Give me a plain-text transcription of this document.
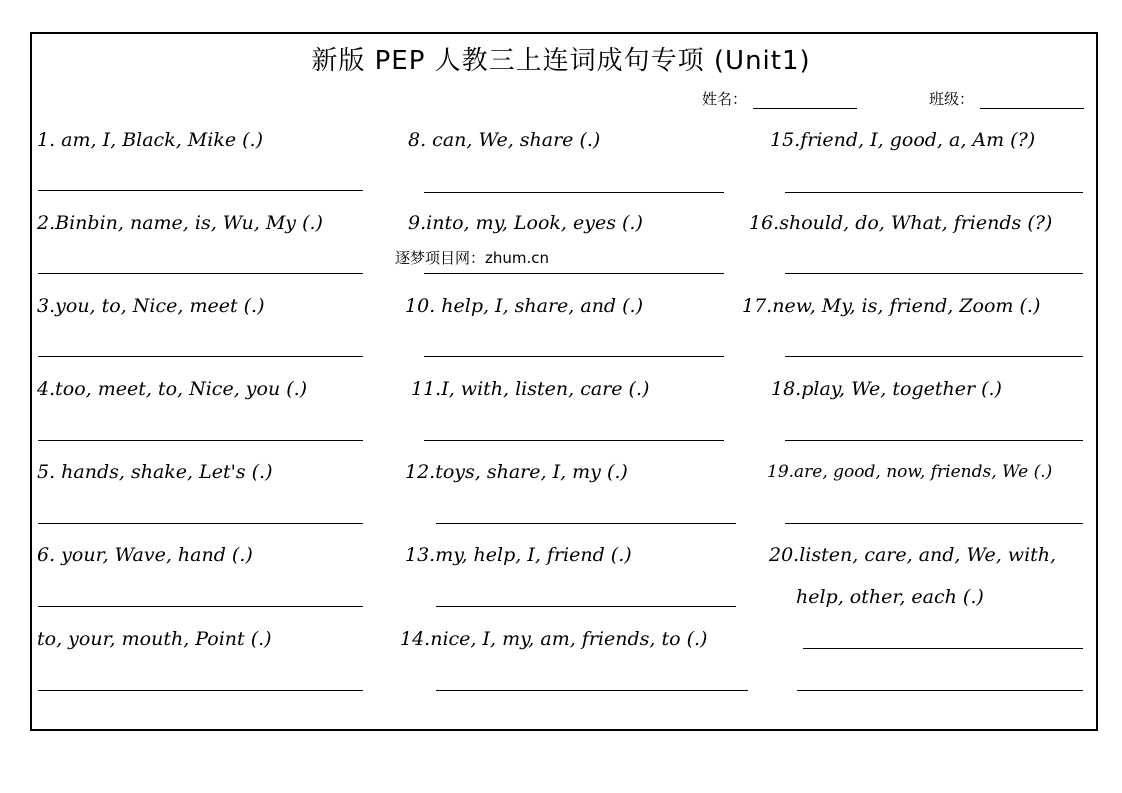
新版 PEP 人教三上连词成句专项 (Unit1)
姓名：	班级：
1. am, I, Black, Mike (.)
2.Binbin, name, is, Wu, My (.)
3.you, to, Nice, meet (.)
4.too, meet, to, Nice, you (.)
5. hands, shake, Let's (.)
6. your, Wave, hand (.)
to, your, mouth, Point (.)
8. can, We, share (.)
9.into, my, Look, eyes (.)
逐梦项目网：zhum.cn
10. help, I, share, and (.)
11.I, with, listen, care (.)
12.toys, share, I, my (.)
13.my, help, I, friend (.)
14.nice, I, my, am, friends, to (.)
15.friend, I, good, a, Am (?)
16.should, do, What, friends (?)
17.new, My, is, friend, Zoom (.)
18.play, We, together (.)
19.are, good, now, friends, We (.)
20.listen, care, and, We, with,
help, other, each (.)
